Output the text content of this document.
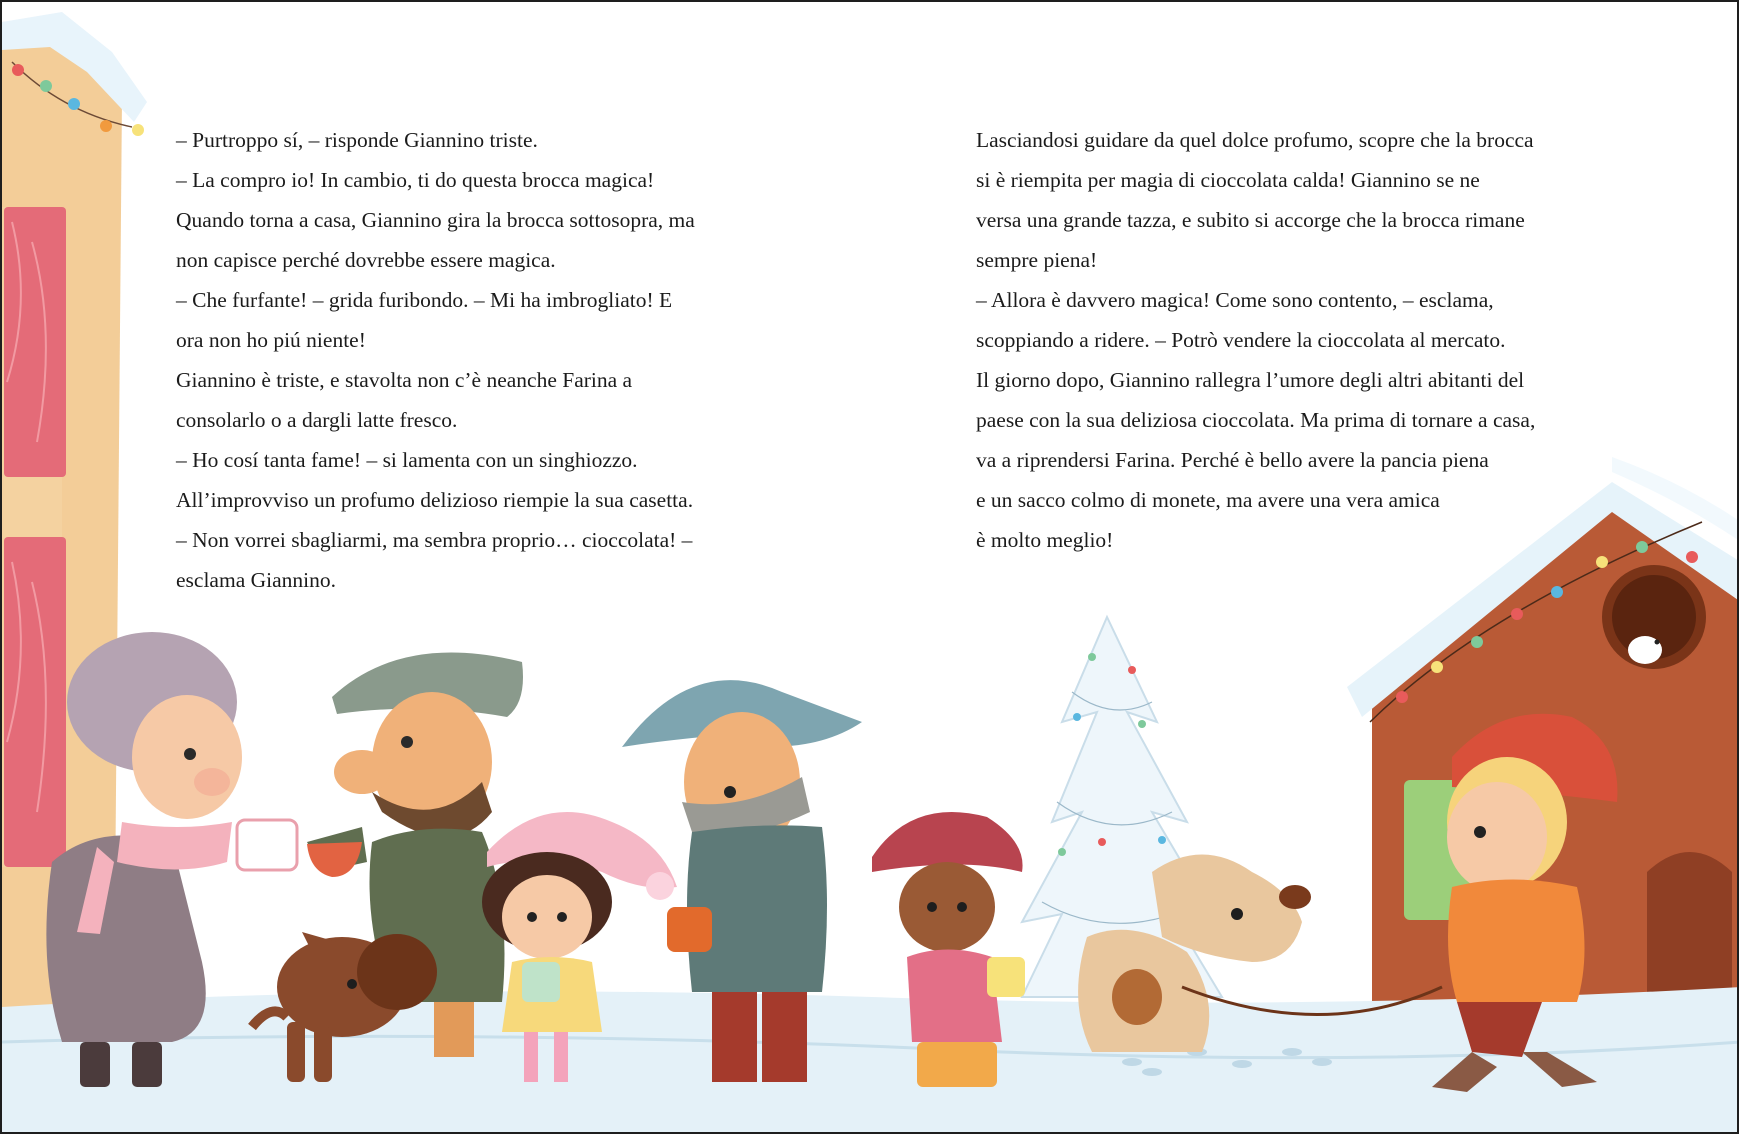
– Purtroppo sí, – risponde Giannino triste.
– La compro io! In cambio, ti do questa brocca magica!
Quando torna a casa, Giannino gira la brocca sottosopra, ma
non capisce perché dovrebbe essere magica.
– Che furfante! – grida furibondo. – Mi ha imbrogliato! E
ora non ho piú niente!
Giannino è triste, e stavolta non c’è neanche Farina a
consolarlo o a dargli latte fresco.
– Ho cosí tanta fame! – si lamenta con un singhiozzo.
All’improvviso un profumo delizioso riempie la sua casetta.
– Non vorrei sbagliarmi, ma sembra proprio… cioccolata! –
esclama Giannino.
Lasciandosi guidare da quel dolce profumo, scopre che la brocca
si è riempita per magia di cioccolata calda! Giannino se ne
versa una grande tazza, e subito si accorge che la brocca rimane
sempre piena!
– Allora è davvero magica! Come sono contento, – esclama,
scoppiando a ridere. – Potrò vendere la cioccolata al mercato.
Il giorno dopo, Giannino rallegra l’umore degli altri abitanti del
paese con la sua deliziosa cioccolata. Ma prima di tornare a casa,
va a riprendersi Farina. Perché è bello avere la pancia piena
e un sacco colmo di monete, ma avere una vera amica
è molto meglio!
